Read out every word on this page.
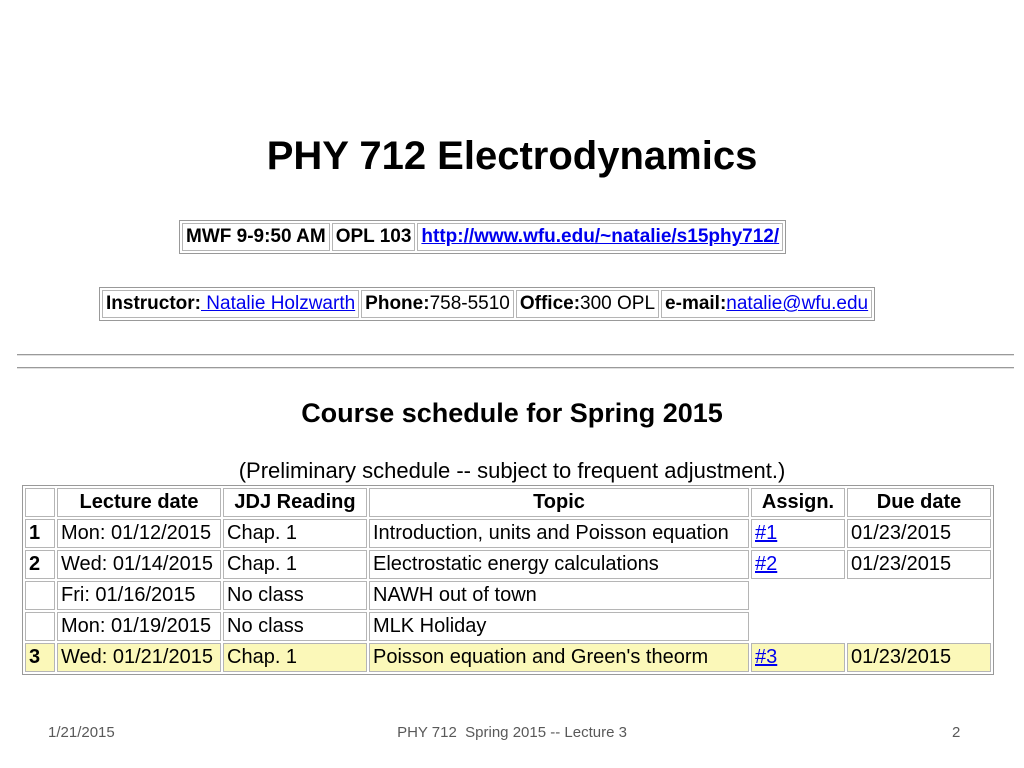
PHY 712 Electrodynamics
MWF 9-9:50 AM	OPL 103	http://www.wfu.edu/~natalie/s15phy712/
Instructor: Natalie Holzwarth	Phone:758-5510	Office:300 OPL	e-mail:natalie@wfu.edu
Course schedule for Spring 2015

(Preliminary schedule -- subject to frequent adjustment.)

	Lecture date	JDJ Reading	Topic	Assign.	Due date
1	Mon: 01/12/2015	Chap. 1	Introduction, units and Poisson equation	#1	01/23/2015
2	Wed: 01/14/2015	Chap. 1	Electrostatic energy calculations	#2	01/23/2015
	Fri: 01/16/2015	No class	NAWH out of town		
	Mon: 01/19/2015	No class	MLK Holiday		
3	Wed: 01/21/2015	Chap. 1	Poisson equation and Green's theorm	#3	01/23/2015
1/21/2015	PHY 712  Spring 2015 -- Lecture 3	2
